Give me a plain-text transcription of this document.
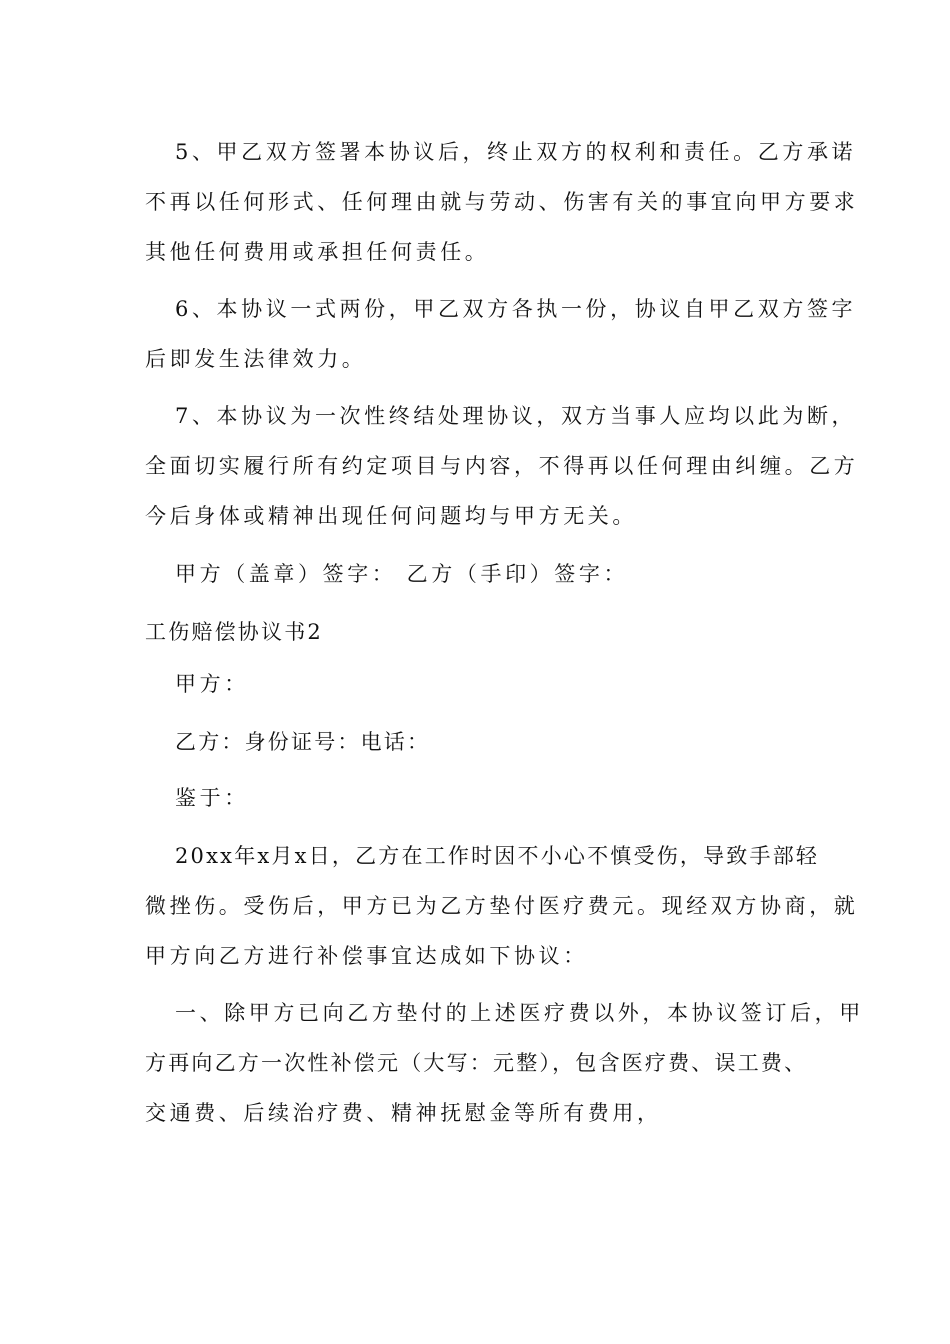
5、甲乙双方签署本协议后，终止双方的权利和责任。乙方承诺
不再以任何形式、任何理由就与劳动、伤害有关的事宜向甲方要求
其他任何费用或承担任何责任。
6、本协议一式两份，甲乙双方各执一份，协议自甲乙双方签字
后即发生法律效力。
7、本协议为一次性终结处理协议，双方当事人应均以此为断，
全面切实履行所有约定项目与内容，不得再以任何理由纠缠。乙方
今后身体或精神出现任何问题均与甲方无关。
甲方（盖章）签字： 乙方（手印）签字：
工伤赔偿协议书2
甲方：
乙方：身份证号：电话：
鉴于：
20xx年x月x日，乙方在工作时因不小心不慎受伤，导致手部轻
微挫伤。受伤后，甲方已为乙方垫付医疗费元。现经双方协商，就
甲方向乙方进行补偿事宜达成如下协议：
一、除甲方已向乙方垫付的上述医疗费以外，本协议签订后，甲
方再向乙方一次性补偿元（大写：元整），包含医疗费、误工费、
交通费、后续治疗费、精神抚慰金等所有费用，
